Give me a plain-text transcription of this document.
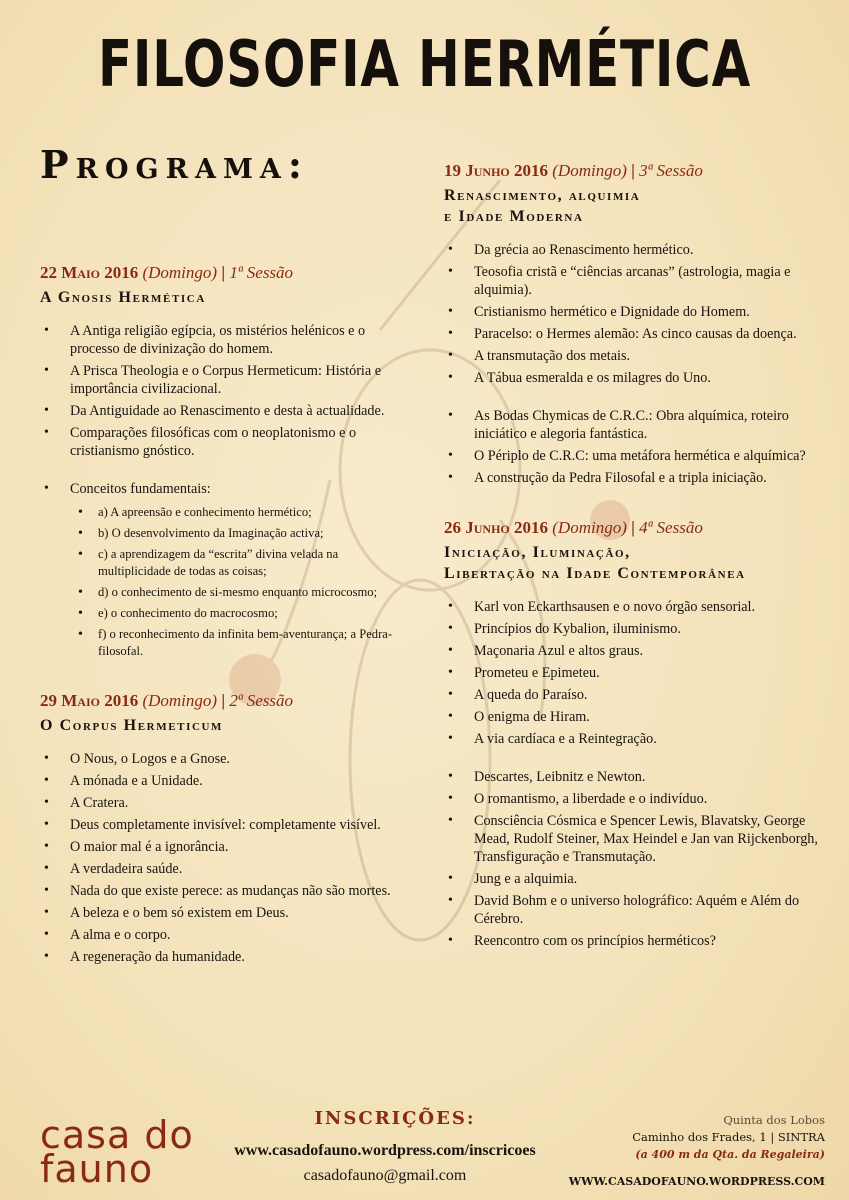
FILOSOFIA HERMÉTICA
Programa:
22 Maio 2016 (Domingo) | 1ª Sessão
A Gnosis Hermética
• A Antiga religião egípcia, os mistérios helénicos e o processo de divinização do homem.
• A Prisca Theologia e o Corpus Hermeticum: História e importância civilizacional.
• Da Antiguidade ao Renascimento e desta à actualidade.
• Comparações filosóficas com o neoplatonismo e o cristianismo gnóstico.
• Conceitos fundamentais:
• a) A apreensão e conhecimento hermético;
• b) O desenvolvimento da Imaginação activa;
• c) a aprendizagem da “escrita” divina velada na multiplicidade de todas as coisas;
• d) o conhecimento de si-mesmo enquanto microcosmo;
• e) o conhecimento do macrocosmo;
• f) o reconhecimento da infinita bem-aventurança; a Pedra-filosofal.
29 Maio 2016 (Domingo) | 2ª Sessão
O Corpus Hermeticum
• O Nous, o Logos e a Gnose.
• A mónada e a Unidade.
• A Cratera.
• Deus completamente invisível: completamente visível.
• O maior mal é a ignorância.
• A verdadeira saúde.
• Nada do que existe perece: as mudanças não são mortes.
• A beleza e o bem só existem em Deus.
• A alma e o corpo.
• A regeneração da humanidade.
19 Junho 2016 (Domingo) | 3ª Sessão
Renascimento, alquimia
e Idade Moderna
• Da grécia ao Renascimento hermético.
• Teosofia cristã e “ciências arcanas” (astrologia, magia e alquimia).
• Cristianismo hermético e Dignidade do Homem.
• Paracelso: o Hermes alemão: As cinco causas da doença.
• A transmutação dos metais.
• A Tábua esmeralda e os milagres do Uno.
• As Bodas Chymicas de C.R.C.: Obra alquímica, roteiro iniciático e alegoria fantástica.
• O Périplo de C.R.C: uma metáfora hermética e alquímica?
• A construção da Pedra Filosofal e a tripla iniciação.
26 Junho 2016 (Domingo) | 4ª Sessão
Iniciação, Iluminação,
Libertação na Idade Contemporânea
• Karl von Eckarthsausen e o novo órgão sensorial.
• Princípios do Kybalion, iluminismo.
• Maçonaria Azul e altos graus.
• Prometeu e Epimeteu.
• A queda do Paraíso.
• O enigma de Hiram.
• A via cardíaca e a Reintegração.
• Descartes, Leibnitz e Newton.
• O romantismo, a liberdade e o indivíduo.
• Consciência Cósmica e Spencer Lewis, Blavatsky, George Mead, Rudolf Steiner, Max Heindel e Jan van Rijckenborgh, Transfiguração e Transmutação.
• Jung e a alquimia.
• David Bohm e o universo holográfico: Aquém e Além do Cérebro.
• Reencontro com os princípios herméticos?
casa do
fauno
INSCRIÇÕES:
www.casadofauno.wordpress.com/inscricoes
casadofauno@gmail.com
Quinta dos Lobos
Caminho dos Frades, 1 | SINTRA
(a 400 m da Qta. da Regaleira)
WWW.CASADOFAUNO.WORDPRESS.COM
